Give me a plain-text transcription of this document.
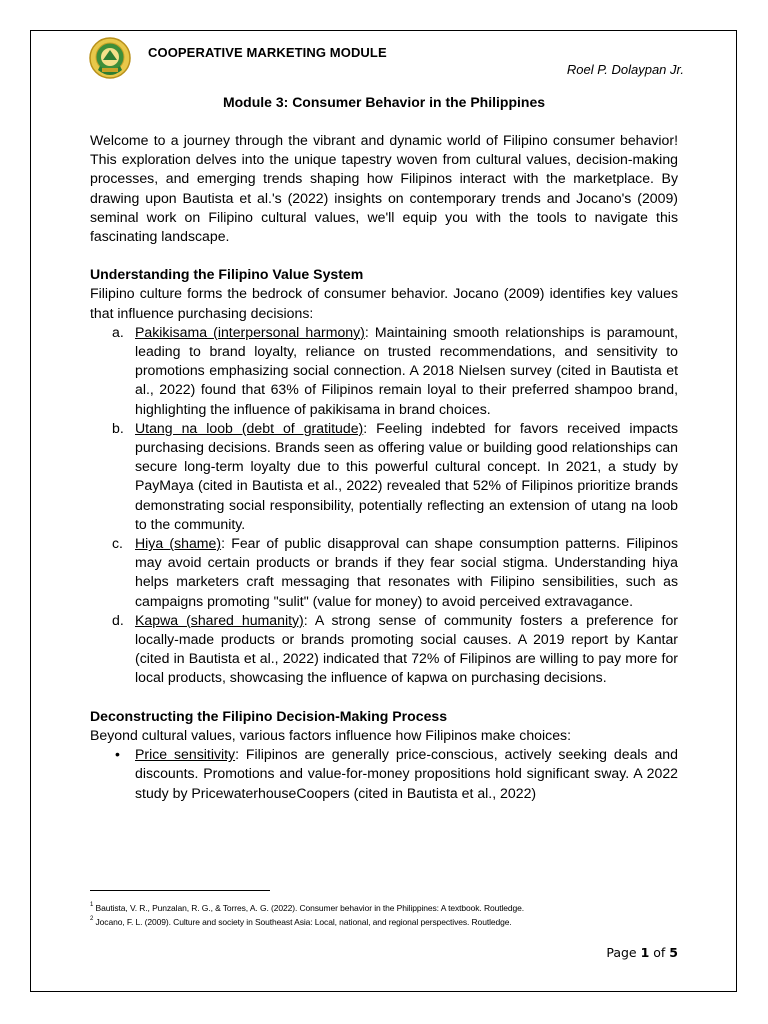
COOPERATIVE MARKETING MODULE
Roel P. Dolaypan Jr.
Module 3: Consumer Behavior in the Philippines

Welcome to a journey through the vibrant and dynamic world of Filipino consumer behavior! This exploration delves into the unique tapestry woven from cultural values, decision-making processes, and emerging trends shaping how Filipinos interact with the marketplace. By drawing upon Bautista et al.'s (2022) insights on contemporary trends and Jocano's (2009) seminal work on Filipino cultural values, we'll equip you with the tools to navigate this fascinating landscape.

Understanding the Filipino Value System

Filipino culture forms the bedrock of consumer behavior. Jocano (2009) identifies key values that influence purchasing decisions:

a. Pakikisama (interpersonal harmony): Maintaining smooth relationships is paramount, leading to brand loyalty, reliance on trusted recommendations, and sensitivity to promotions emphasizing social connection. A 2018 Nielsen survey (cited in Bautista et al., 2022) found that 63% of Filipinos remain loyal to their preferred shampoo brand, highlighting the influence of pakikisama in brand choices.
b. Utang na loob (debt of gratitude): Feeling indebted for favors received impacts purchasing decisions. Brands seen as offering value or building good relationships can secure long-term loyalty due to this powerful cultural concept. In 2021, a study by PayMaya (cited in Bautista et al., 2022) revealed that 52% of Filipinos prioritize brands demonstrating social responsibility, potentially reflecting an extension of utang na loob to the community.
c. Hiya (shame): Fear of public disapproval can shape consumption patterns. Filipinos may avoid certain products or brands if they fear social stigma. Understanding hiya helps marketers craft messaging that resonates with Filipino sensibilities, such as campaigns promoting "sulit" (value for money) to avoid perceived extravagance.
d. Kapwa (shared humanity): A strong sense of community fosters a preference for locally-made products or brands promoting social causes. A 2019 report by Kantar (cited in Bautista et al., 2022) indicated that 72% of Filipinos are willing to pay more for local products, showcasing the influence of kapwa on purchasing decisions.

Deconstructing the Filipino Decision-Making Process

Beyond cultural values, various factors influence how Filipinos make choices:

• Price sensitivity: Filipinos are generally price-conscious, actively seeking deals and discounts. Promotions and value-for-money propositions hold significant sway. A 2022 study by PricewaterhouseCoopers (cited in Bautista et al., 2022)
$^1$ Bautista, V. R., Punzalan, R. G., & Torres, A. G. (2022). Consumer behavior in the Philippines: A textbook. Routledge.
$^2$ Jocano, F. L. (2009). Culture and society in Southeast Asia: Local, national, and regional perspectives. Routledge.
Page 1 of 5
